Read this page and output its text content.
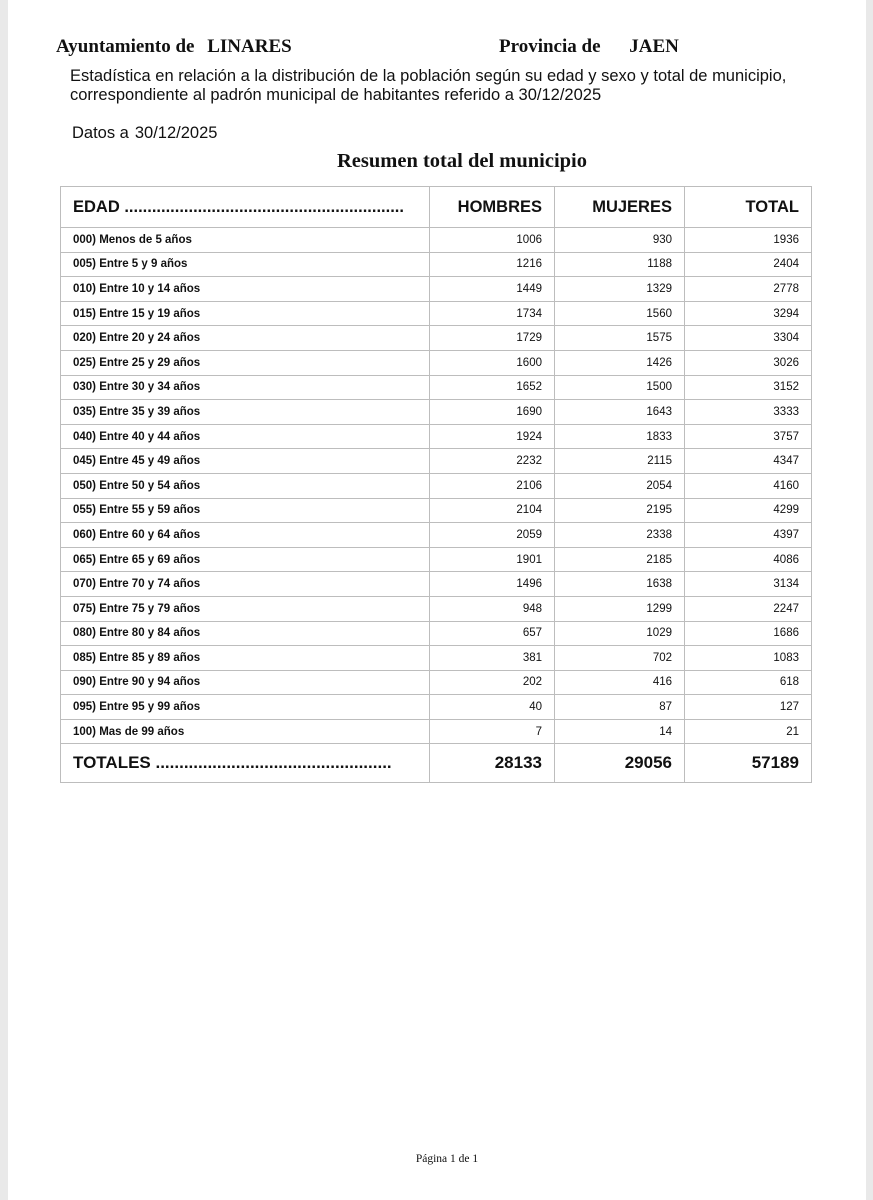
Ayuntamiento de LINARES	Provincia de JAEN
Estadística en relación a la distribución de la población según su edad y sexo y total de municipio,
correspondiente al padrón municipal de habitantes referido a 30/12/2025
Datos a 30/12/2025
Resumen total del municipio
EDAD .............................................................	HOMBRES	MUJERES	TOTAL
000) Menos de 5 años	1006	930	1936
005) Entre 5 y 9 años	1216	1188	2404
010) Entre 10 y 14 años	1449	1329	2778
015) Entre 15 y 19 años	1734	1560	3294
020) Entre 20 y 24 años	1729	1575	3304
025) Entre 25 y 29 años	1600	1426	3026
030) Entre 30 y 34 años	1652	1500	3152
035) Entre 35 y 39 años	1690	1643	3333
040) Entre 40 y 44 años	1924	1833	3757
045) Entre 45 y 49 años	2232	2115	4347
050) Entre 50 y 54 años	2106	2054	4160
055) Entre 55 y 59 años	2104	2195	4299
060) Entre 60 y 64 años	2059	2338	4397
065) Entre 65 y 69 años	1901	2185	4086
070) Entre 70 y 74 años	1496	1638	3134
075) Entre 75 y 79 años	948	1299	2247
080) Entre 80 y 84 años	657	1029	1686
085) Entre 85 y 89 años	381	702	1083
090) Entre 90 y 94 años	202	416	618
095) Entre 95 y 99 años	40	87	127
100) Mas de 99 años	7	14	21
TOTALES ..................................................	28133	29056	57189
Página 1 de 1
